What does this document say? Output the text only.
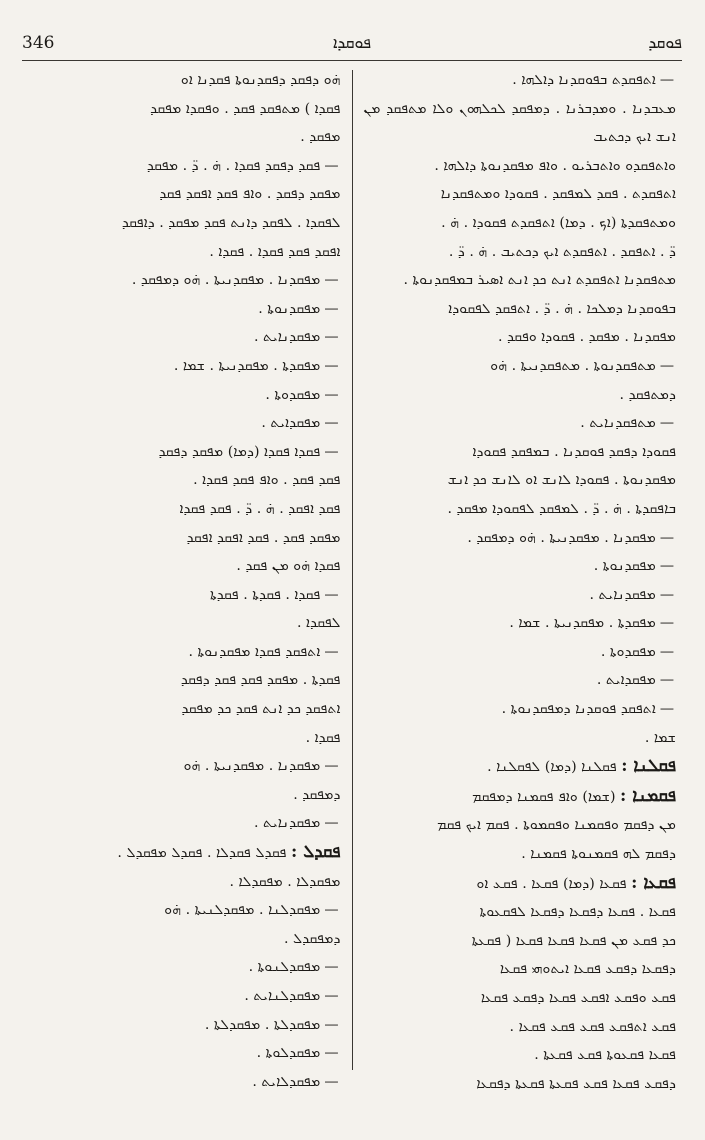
346	ܦܘܩܕܐ	ܦܘܩܕ
—ܐܬܦܩܕܬ ܒܦܘܩܕܢܐ ܕܐܠܗܐ .
ܡܥܒܕܢܐ . ܘܡܕܒܪܢܐ . ܕܡܦܩܕ ܠܟܠܗܘܢ ܘܠܐ ܡܬܦܩܕ ܡܢ ܐܢܫ ܐܝܟ ܕܟܬܝܒ
ܘܐܬܦܩܕܘ ܘܐܬܒܪܝܘ . ܘܐܦ ܡܦܩܕܢܘܬܐ ܕܐܠܗܐ .
ܐܬܦܩܕܬ . ܦܩܕ ܠܡܦܩܕ . ܦܩܘܕܐ ܘܡܬܦܩܕܢܐ
ܘܡܬܦܩܕܬܐ (ܐܟ . ܕܡܐ) ܐܬܦܩܕܬ ܦܩܘܕܐ . ܗ̇ .
ܕ̈ . ܐܬܦܩܕ . ܐܬܦܩܕܬ ܐܝܟ ܕܟܬܝܒ . ܗ̇ . ܕ̈ .
ܡܬܦܩܕܢܐ ܐܬܦܩܕܬ ܐܢܬ ܟܕ ܐܢܬ ܐܣܝܪ ܒܡܦܩܕܢܘܬܐ .
ܒܦܘܩܕܢܐ ܕܡܠܟܐ . ܗ̇ . ܕ̈ . ܐܬܦܩܕ ܠܦܩܘܕܐ
ܡܦܩܕܢܐ . ܡܦܩܕ . ܦܩܘܕܐ ܘܦܩܕ .
—ܡܬܦܩܕܢܘܬܐ . ܡܬܦܩܕܢܝܬܐ . ܗ̇ܘ
ܕܡܬܦܩܕ .
—ܡܬܦܩܕܢܐܝܬ .
ܦܩܘܕܐ ܕܦܩܕ ܦܘܩܕܢܐ . ܒܡܦܩܕ ܦܩܘܕܐ
ܡܦܩܕܢܘܬܐ . ܦܩܘܕܐ ܠܐܢܫ ܐܘ ܠܐܢܫ ܟܕ ܐܢܫ
ܒܐܦܩܕܬܐ . ܗ̇ . ܕ̈ . ܠܡܦܩܕ ܠܦܩܘܕܐ ܡܦܩܕ .
—ܡܦܩܕܢܐ . ܡܦܩܕܢܝܬܐ . ܗ̇ܘ ܕܡܦܩܕ .
—ܡܦܩܕܢܘܬܐ .
—ܡܦܩܕܢܐܝܬ .
—ܡܦܩܕܬܐ . ܡܦܩܕܢܝܬܐ . ܫܡܐ .
—ܡܦܩܕܘܬܐ .
—ܡܦܩܕܐܝܬ .
—ܐܬܦܩܕ ܦܘܩܕܢܐ ܕܡܦܩܕܢܘܬܐ .
ܫܡܐ .
ܦܩܠܢܐ : ܦܩܠܢܐ (ܕܡܐ) ܠܦܩܠܢܐ .
ܦܩܡܢܐ : (ܫܡܐ) ܘܐܦ ܦܩܡܢܐ ܕܡܦܩܡ
ܡܢ ܕܦܩܡ ܘܦܩܡܢܐ ܘܦܩܡܘܬܐ . ܦܩܡ ܐܝܟ ܦܩܡ
ܕܦܩܡ ܠܗ ܦܩܡܢܘܬܐ ܦܩܡܢܐ .
ܦܩܥܐ : ܦܩܥܐ (ܕܡܐ) ܦܩܥܐ . ܦܩܥ ܐܘ
ܦܩܥܐ . ܦܩܥܐ ܕܦܩܥܐ ܕܦܩܥܐ ܠܦܩܥܘܬܐ
ܟܕ ܦܩܥ ܡܢ ܦܩܥܐ ܦܩܥܐ ܦܩܥܐ ( ܦܩܥܬܐ
ܕܦܩܥܐ ܕܦܩܥ ܦܩܥܐ ܐܝܬܘܗܝ ܦܩܥܐ
ܦܩܥ ܘܦܩܥ ܐܦܩܥ ܦܩܥܐ ܕܦܩܥ ܦܩܥܐ
ܦܩܥ ܐܬܦܩܥ ܦܩܥ ܦܩܥ ܦܩܥܐ .
ܦܩܥܐ ܦܩܥܘܬܐ ܦܩܥ ܦܩܥܬܐ .
ܕܦܩܥ ܦܩܥܐ ܦܩܥ ܦܩܥܬܐ ܦܩܥܬܐ ܕܦܩܥܐ
ܗ̇ܘ ܕܦܩܕ ܕܦܩܕܢܘܬܐ ܦܩܕܢܐ ܐܘ
ܦܩܕܐ ) ܡܬܦܩܕ ܦܩܕ . ܘܦܩܕܐ ܡܦܩܕ
ܡܦܩܕ .
—ܦܩܕ ܕܦܩܕ ܦܩܕܐ . ܗ̇ . ܕ̈ . ܡܦܩܕ
ܡܦܩܕ ܕܦܩܕ . ܘܐܦ ܦܩܕ ܐܦܩܕ ܦܩܕ
ܠܦܩܕܐ . ܠܦܩܕ ܕܐܢܬ ܦܩܕ ܡܦܩܕ . ܕܐܦܩܕ
ܐܦܩܕ ܦܩܕ ܦܩܕܐ . ܦܩܕܐ .
—ܡܦܩܕܢܐ . ܡܦܩܕܢܝܬܐ . ܗ̇ܘ ܕܡܦܩܕ .
—ܡܦܩܕܢܘܬܐ .
—ܡܦܩܕܢܐܝܬ .
—ܡܦܩܕܬܐ . ܡܦܩܕܢܝܬܐ . ܫܡܐ .
—ܡܦܩܕܘܬܐ .
—ܡܦܩܕܐܝܬ .
—ܦܩܕܐ ܦܩܕܐ (ܕܡܐ) ܡܦܩܕ ܕܦܩܕ
ܦܩܕ ܦܩܕ . ܘܐܦ ܦܩܕ ܦܩܕܐ .
ܦܩܕ ܐܦܩܕ . ܗ̇ . ܕ̈ . ܦܩܕ ܦܩܕܐ
ܡܦܩܕ ܦܩܕ . ܦܩܕ ܐܦܩܕ ܐܦܩܕ
ܦܩܕܐ ܗ̇ܘ ܡܢ ܦܩܕ .
—ܦܩܕܐ . ܦܩܕܬܐ . ܦܩܕܬܐ
ܠܦܩܕܐ .
—ܐܬܦܩܕ ܦܩܕܐ ܡܦܩܕܢܘܬܐ .
ܦܩܕܬܐ . ܡܦܩܕ ܦܩܕ ܦܩܕ ܕܦܩܕ
ܐܬܦܩܕ ܟܕ ܐܢܬ ܦܩܕ ܟܕ ܡܦܩܕ
ܦܩܕܐ .
—ܡܦܩܕܢܐ . ܡܦܩܕܢܝܬܐ . ܗ̇ܘ
ܕܡܦܩܕ .
—ܡܦܩܕܢܐܝܬ .
ܦܩܕܠ : ܦܩܕܠ ܦܩܕܠܐ . ܦܩܕܠ ܡܦܩܕܠ .
ܡܦܩܕܠܐ . ܡܦܩܕܠܐ .
—ܡܦܩܕܠܢܐ . ܡܦܩܕܠܢܝܬܐ . ܗ̇ܘ
ܕܡܦܩܕܠ .
—ܡܦܩܕܠܢܘܬܐ .
—ܡܦܩܕܠܢܐܝܬ .
—ܡܦܩܕܠܬܐ . ܡܦܩܕܠܬܐ .
—ܡܦܩܕܠܘܬܐ .
—ܡܦܩܕܠܐܝܬ .
